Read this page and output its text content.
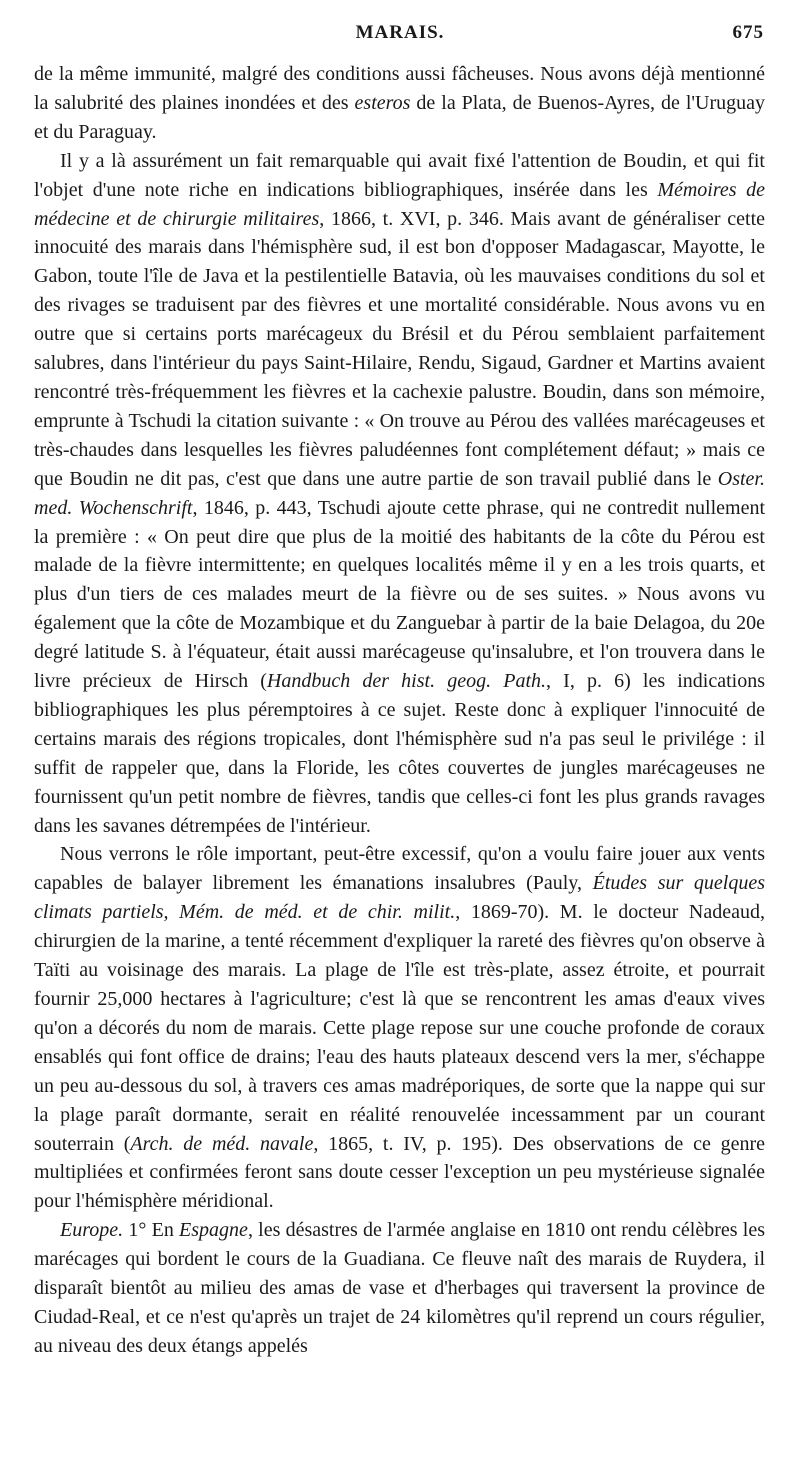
MARAIS.	675

de la même immunité, malgré des conditions aussi fâcheuses. Nous avons déjà mentionné la salubrité des plaines inondées et des esteros de la Plata, de Buenos-Ayres, de l'Uruguay et du Paraguay.

Il y a là assurément un fait remarquable qui avait fixé l'attention de Boudin, et qui fit l'objet d'une note riche en indications bibliographiques, insérée dans les Mémoires de médecine et de chirurgie militaires, 1866, t. XVI, p. 346. Mais avant de généraliser cette innocuité des marais dans l'hémisphère sud, il est bon d'opposer Madagascar, Mayotte, le Gabon, toute l'île de Java et la pestilentielle Batavia, où les mauvaises conditions du sol et des rivages se traduisent par des fièvres et une mortalité considérable. Nous avons vu en outre que si certains ports marécageux du Brésil et du Pérou semblaient parfaitement salubres, dans l'intérieur du pays Saint-Hilaire, Rendu, Sigaud, Gardner et Martins avaient rencontré très-fréquemment les fièvres et la cachexie palustre. Boudin, dans son mémoire, emprunte à Tschudi la citation suivante : « On trouve au Pérou des vallées marécageuses et très-chaudes dans lesquelles les fièvres paludéennes font complétement défaut; » mais ce que Boudin ne dit pas, c'est que dans une autre partie de son travail publié dans le Oster. med. Wochenschrift, 1846, p. 443, Tschudi ajoute cette phrase, qui ne contredit nullement la première : « On peut dire que plus de la moitié des habitants de la côte du Pérou est malade de la fièvre intermittente; en quelques localités même il y en a les trois quarts, et plus d'un tiers de ces malades meurt de la fièvre ou de ses suites. » Nous avons vu également que la côte de Mozambique et du Zanguebar à partir de la baie Delagoa, du 20e degré latitude S. à l'équateur, était aussi marécageuse qu'insalubre, et l'on trouvera dans le livre précieux de Hirsch (Handbuch der hist. geog. Path., I, p. 6) les indications bibliographiques les plus péremptoires à ce sujet. Reste donc à expliquer l'innocuité de certains marais des régions tropicales, dont l'hémisphère sud n'a pas seul le privilége : il suffit de rappeler que, dans la Floride, les côtes couvertes de jungles marécageuses ne fournissent qu'un petit nombre de fièvres, tandis que celles-ci font les plus grands ravages dans les savanes détrempées de l'intérieur.

Nous verrons le rôle important, peut-être excessif, qu'on a voulu faire jouer aux vents capables de balayer librement les émanations insalubres (Pauly, Études sur quelques climats partiels, Mém. de méd. et de chir. milit., 1869-70). M. le docteur Nadeaud, chirurgien de la marine, a tenté récemment d'expliquer la rareté des fièvres qu'on observe à Taïti au voisinage des marais. La plage de l'île est très-plate, assez étroite, et pourrait fournir 25,000 hectares à l'agriculture; c'est là que se rencontrent les amas d'eaux vives qu'on a décorés du nom de marais. Cette plage repose sur une couche profonde de coraux ensablés qui font office de drains; l'eau des hauts plateaux descend vers la mer, s'échappe un peu au-dessous du sol, à travers ces amas madréporiques, de sorte que la nappe qui sur la plage paraît dormante, serait en réalité renouvelée incessamment par un courant souterrain (Arch. de méd. navale, 1865, t. IV, p. 195). Des observations de ce genre multipliées et confirmées feront sans doute cesser l'exception un peu mystérieuse signalée pour l'hémisphère méridional.

Europe. 1° En Espagne, les désastres de l'armée anglaise en 1810 ont rendu célèbres les marécages qui bordent le cours de la Guadiana. Ce fleuve naît des marais de Ruydera, il disparaît bientôt au milieu des amas de vase et d'herbages qui traversent la province de Ciudad-Real, et ce n'est qu'après un trajet de 24 kilomètres qu'il reprend un cours régulier, au niveau des deux étangs appelés
